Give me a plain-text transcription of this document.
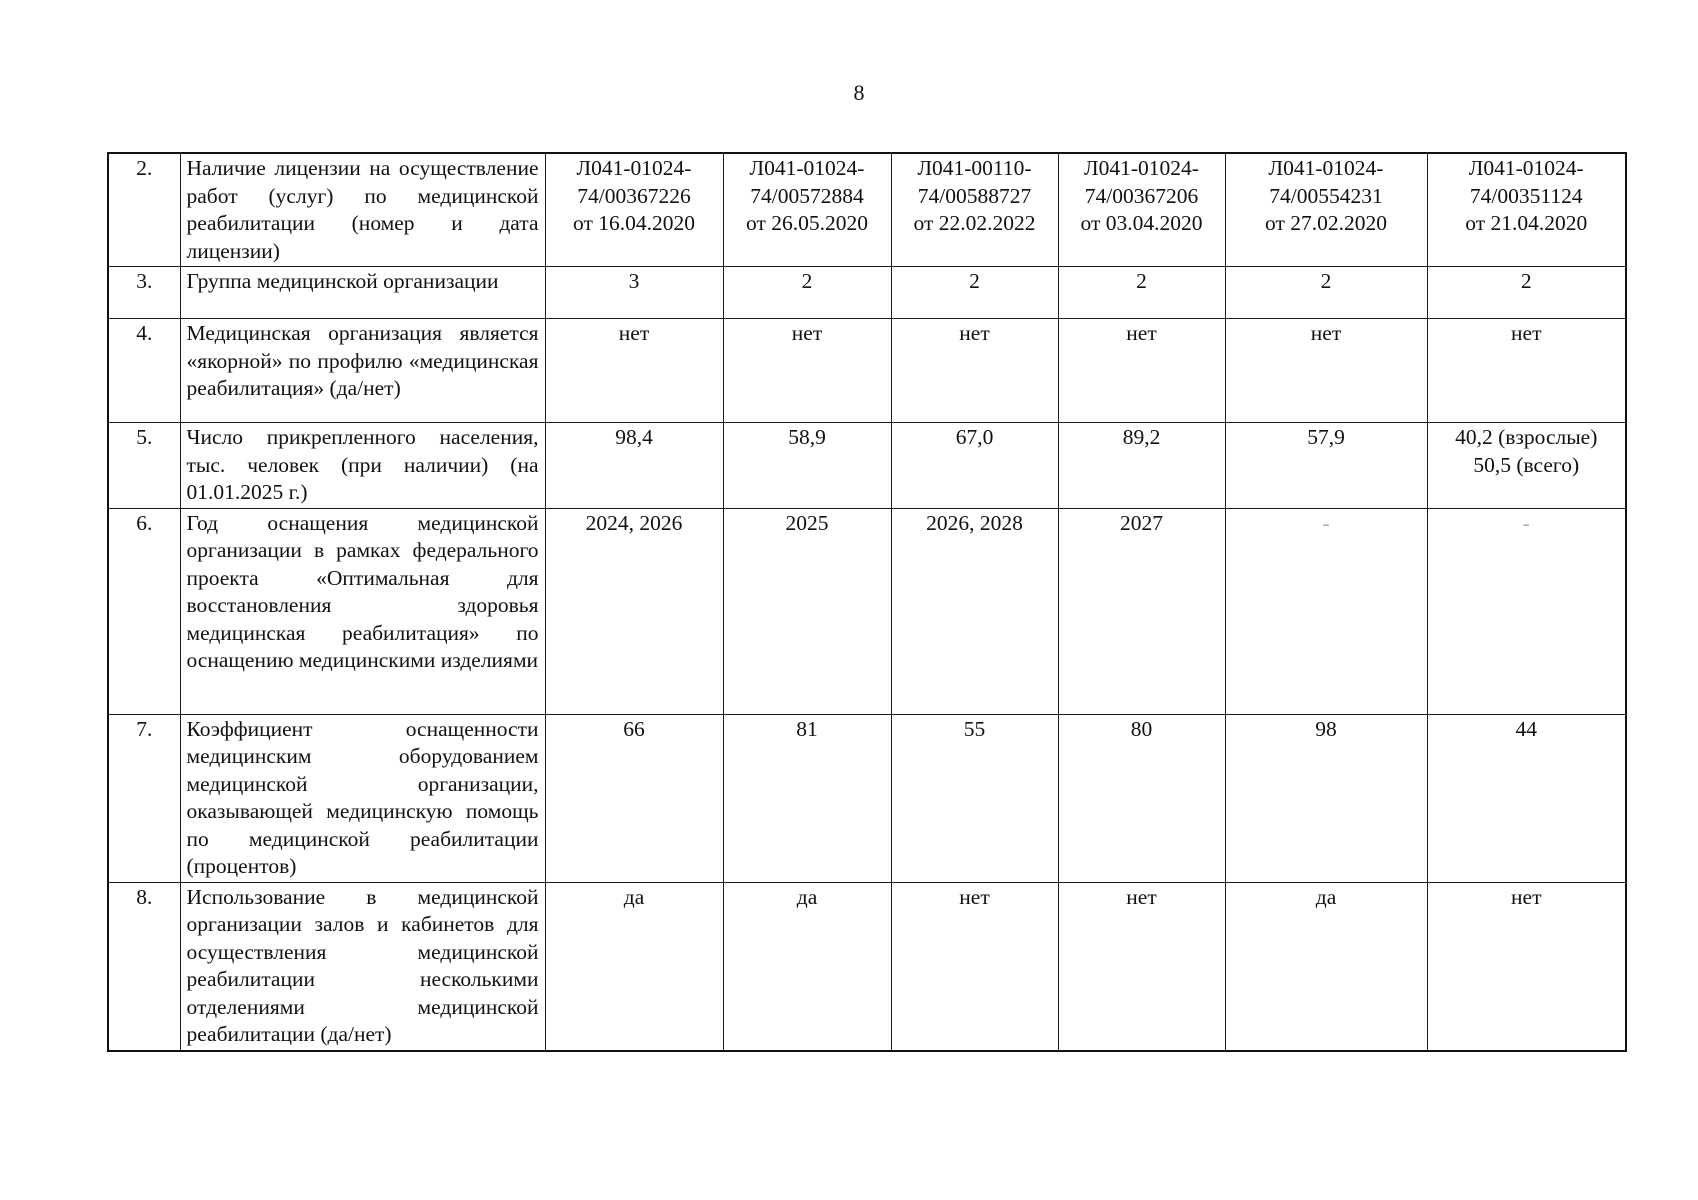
8
2.	Наличие лицензии на осуществление работ (услуг) по медицинской реабилитации (номер и дата лицензии)	Л041-01024-
74/00367226
от 16.04.2020	Л041-01024-
74/00572884
от 26.05.2020	Л041-00110-
74/00588727
от 22.02.2022	Л041-01024-
74/00367206
от 03.04.2020	Л041-01024-
74/00554231
от 27.02.2020	Л041-01024-
74/00351124
от 21.04.2020

3.	Группа медицинской организации	3	2	2	2	2	2

4.	Медицинская организация является «якорной» по профилю «медицинская реабилитация» (да/нет)	нет	нет	нет	нет	нет	нет

5.	Число прикрепленного населения, тыс. человек (при наличии) (на 01.01.2025 г.)	98,4	58,9	67,0	89,2	57,9	40,2 (взрослые)
50,5 (всего)

6.	Год оснащения медицинской организации в рамках федерального проекта «Оптимальная для восстановления здоровья медицинская реабилитация» по оснащению медицинскими изделиями	2024, 2026	2025	2026, 2028	2027	-	-

7.	Коэффициент оснащенности медицинским оборудованием медицинской организации, оказывающей медицинскую помощь по медицинской реабилитации (процентов)	66	81	55	80	98	44

8.	Использование в медицинской организации залов и кабинетов для осуществления медицинской реабилитации несколькими отделениями медицинской реабилитации (да/нет)	да	да	нет	нет	да	нет
